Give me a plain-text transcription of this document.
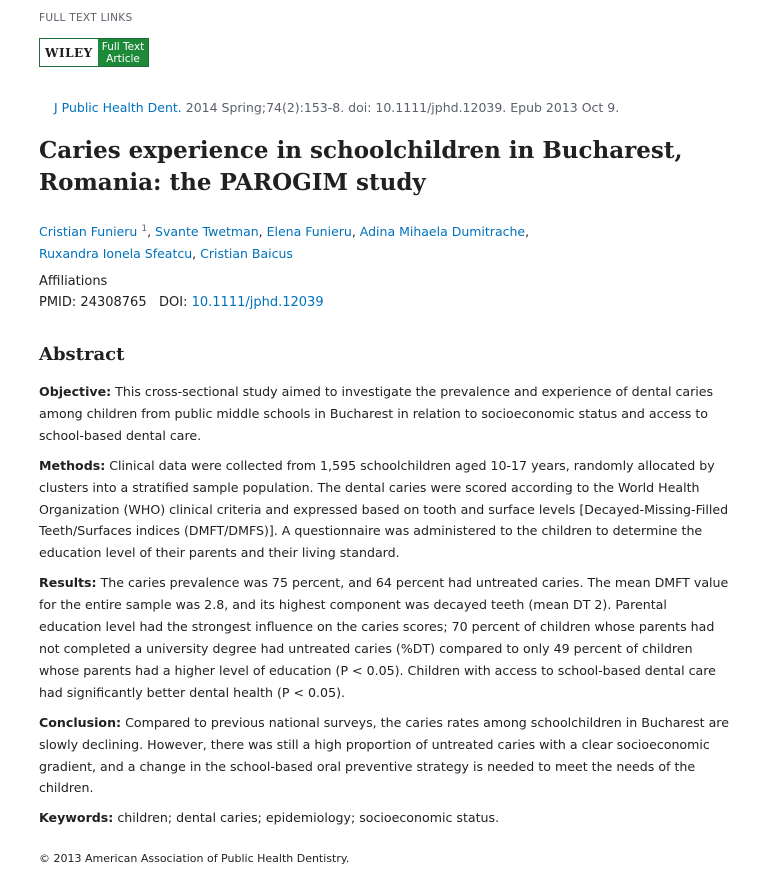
FULL TEXT LINKS
WILEY Full Text
Article
J Public Health Dent. 2014 Spring;74(2):153-8. doi: 10.1111/jphd.12039. Epub 2013 Oct 9.
Caries experience in schoolchildren in Bucharest, Romania: the PAROGIM study
Cristian Funieru $^1$, Svante Twetman, Elena Funieru, Adina Mihaela Dumitrache,
Ruxandra Ionela Sfeatcu, Cristian Baicus
Affiliations
PMID: 24308765 DOI: 10.1111/jphd.12039
Abstract

Objective: This cross-sectional study aimed to investigate the prevalence and experience of dental caries among children from public middle schools in Bucharest in relation to socioeconomic status and access to school-based dental care.

Methods: Clinical data were collected from 1,595 schoolchildren aged 10-17 years, randomly allocated by clusters into a stratified sample population. The dental caries were scored according to the World Health Organization (WHO) clinical criteria and expressed based on tooth and surface levels [Decayed-Missing-Filled Teeth/Surfaces indices (DMFT/DMFS)]. A questionnaire was administered to the children to determine the education level of their parents and their living standard.

Results: The caries prevalence was 75 percent, and 64 percent had untreated caries. The mean DMFT value for the entire sample was 2.8, and its highest component was decayed teeth (mean DT 2). Parental education level had the strongest influence on the caries scores; 70 percent of children whose parents had not completed a university degree had untreated caries (%DT) compared to only 49 percent of children whose parents had a higher level of education (P < 0.05). Children with access to school-based dental care had significantly better dental health (P < 0.05).

Conclusion: Compared to previous national surveys, the caries rates among schoolchildren in Bucharest are slowly declining. However, there was still a high proportion of untreated caries with a clear socioeconomic gradient, and a change in the school-based oral preventive strategy is needed to meet the needs of the children.

Keywords: children; dental caries; epidemiology; socioeconomic status.

© 2013 American Association of Public Health Dentistry.
